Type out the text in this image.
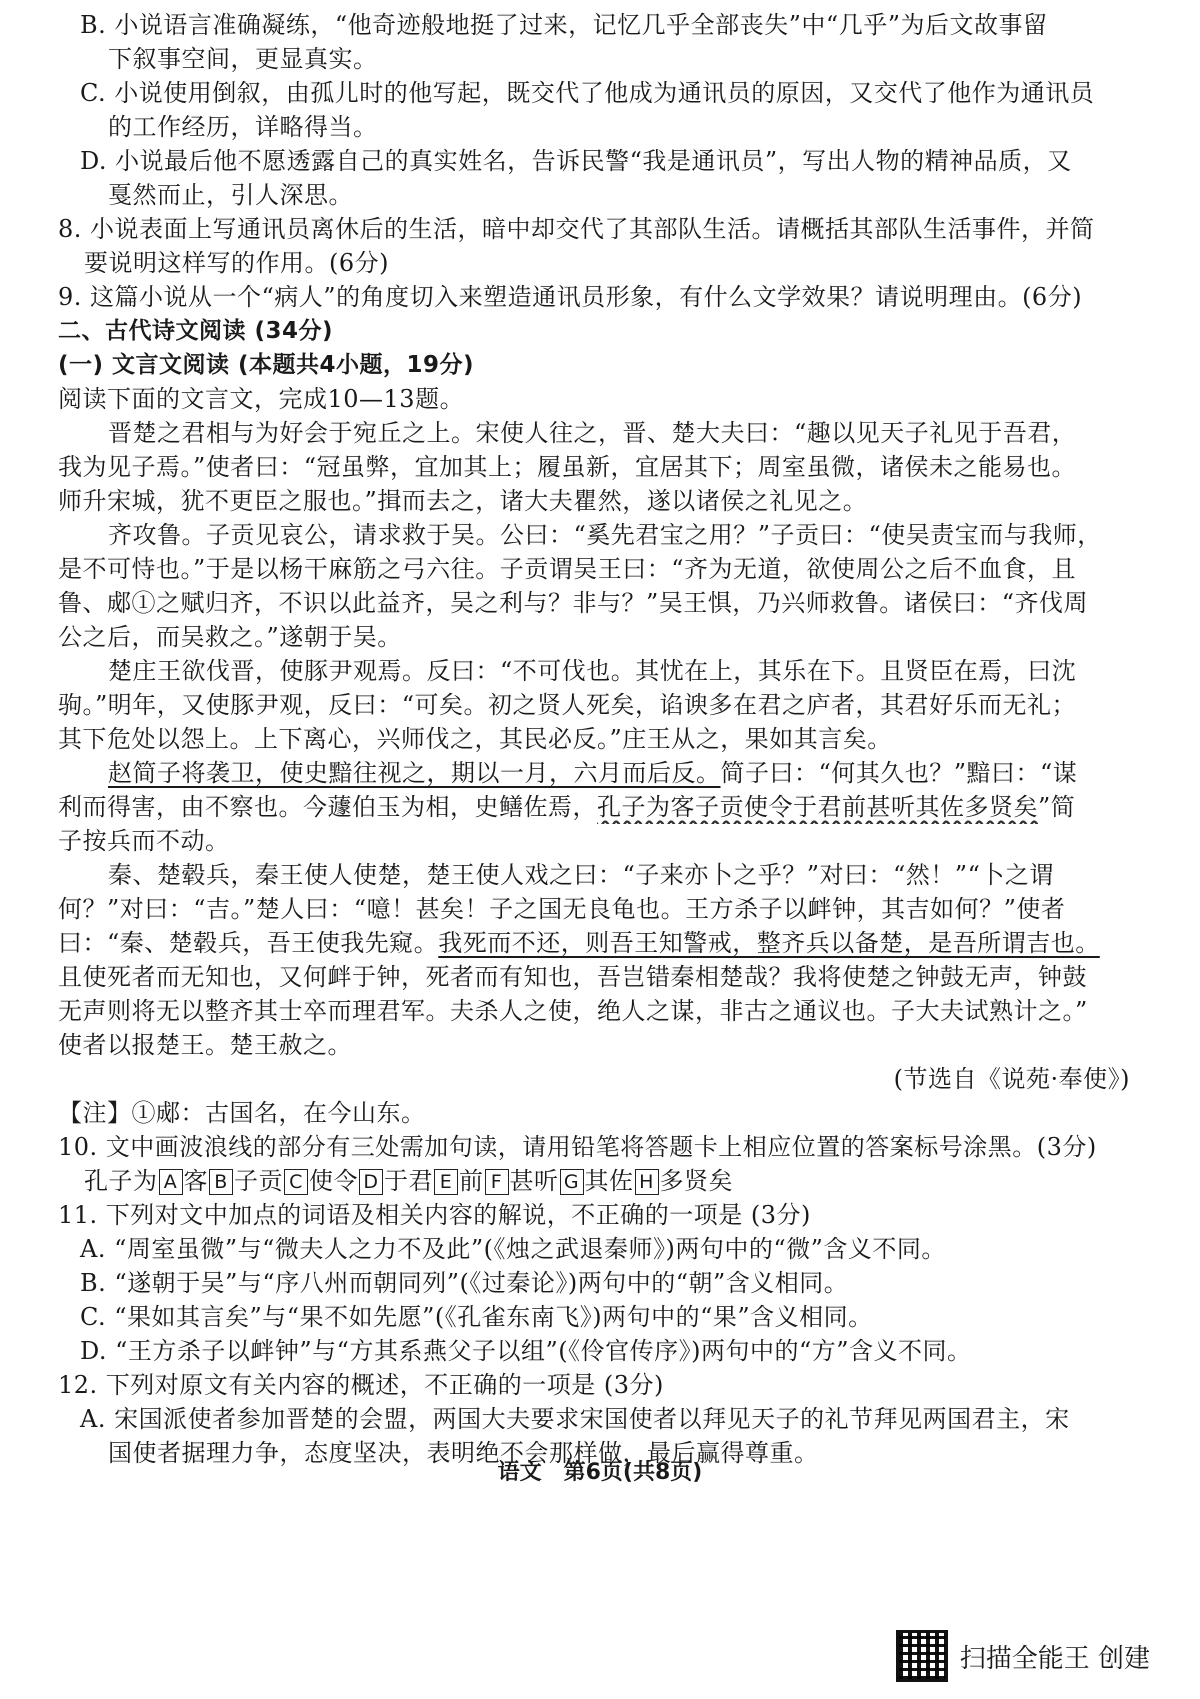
B. 小说语言准确凝练，“他奇迹般地挺了过来，记忆几乎全部丧失”中“几乎”为后文故事留
下叙事空间，更显真实。
C. 小说使用倒叙，由孤儿时的他写起，既交代了他成为通讯员的原因，又交代了他作为通讯员
的工作经历，详略得当。
D. 小说最后他不愿透露自己的真实姓名，告诉民警“我是通讯员”，写出人物的精神品质，又
戛然而止，引人深思。
8. 小说表面上写通讯员离休后的生活，暗中却交代了其部队生活。请概括其部队生活事件，并简
要说明这样写的作用。(6分)
9. 这篇小说从一个“病人”的角度切入来塑造通讯员形象，有什么文学效果？请说明理由。(6分)
二、古代诗文阅读 (34分)
(一) 文言文阅读 (本题共4小题，19分)
阅读下面的文言文，完成10—13题。
晋楚之君相与为好会于宛丘之上。宋使人往之，晋、楚大夫曰：“趣以见天子礼见于吾君，
我为见子焉。”使者曰：“冠虽弊，宜加其上；履虽新，宜居其下；周室虽微，诸侯未之能易也。
师升宋城，犹不更臣之服也。”揖而去之，诸大夫瞿然，遂以诸侯之礼见之。
齐攻鲁。子贡见哀公，请求救于吴。公曰：“奚先君宝之用？”子贡曰：“使吴责宝而与我师，
是不可恃也。”于是以杨干麻筋之弓六往。子贡谓吴王曰：“齐为无道，欲使周公之后不血食，且
鲁、郕①之赋归齐，不识以此益齐，吴之利与？非与？”吴王惧，乃兴师救鲁。诸侯曰：“齐伐周
公之后，而吴救之。”遂朝于吴。
楚庄王欲伐晋，使豚尹观焉。反曰：“不可伐也。其忧在上，其乐在下。且贤臣在焉，曰沈
驹。”明年，又使豚尹观，反曰：“可矣。初之贤人死矣，谄谀多在君之庐者，其君好乐而无礼；
其下危处以怨上。上下离心，兴师伐之，其民必反。”庄王从之，果如其言矣。
赵简子将袭卫，使史黯往视之，期以一月，六月而后反。简子曰：“何其久也？”黯曰：“谋
利而得害，由不察也。今蘧伯玉为相，史鳝佐焉，孔子为客子贡使令于君前甚听其佐多贤矣”简
子按兵而不动。
秦、楚毂兵，秦王使人使楚，楚王使人戏之曰：“子来亦卜之乎？”对曰：“然！”“卜之谓
何？”对曰：“吉。”楚人曰：“噫！甚矣！子之国无良龟也。王方杀子以衅钟，其吉如何？”使者
曰：“秦、楚毂兵，吾王使我先窥。我死而不还，则吾王知警戒，整齐兵以备楚，是吾所谓吉也。
且使死者而无知也，又何衅于钟，死者而有知也，吾岂错秦相楚哉？我将使楚之钟鼓无声，钟鼓
无声则将无以整齐其士卒而理君军。夫杀人之使，绝人之谋，非古之通议也。子大夫试熟计之。”
使者以报楚王。楚王赦之。
(节选自《说苑·奉使》)
【注】①郕：古国名，在今山东。
10. 文中画波浪线的部分有三处需加句读，请用铅笔将答题卡上相应位置的答案标号涂黑。(3分)
孔子为 A 客 B 子贡 C 使令 D 于君 E 前 F 甚听 G 其佐 H 多贤矣
11. 下列对文中加点的词语及相关内容的解说，不正确的一项是 (3分)
A. “周室虽微”与“微夫人之力不及此”(《烛之武退秦师》)两句中的“微”含义不同。
B. “遂朝于吴”与“序八州而朝同列”(《过秦论》)两句中的“朝”含义相同。
C. “果如其言矣”与“果不如先愿”(《孔雀东南飞》)两句中的“果”含义相同。
D. “王方杀子以衅钟”与“方其系燕父子以组”(《伶官传序》)两句中的“方”含义不同。
12. 下列对原文有关内容的概述，不正确的一项是 (3分)
A. 宋国派使者参加晋楚的会盟，两国大夫要求宋国使者以拜见天子的礼节拜见两国君主，宋
国使者据理力争，态度坚决，表明绝不会那样做，最后赢得尊重。
语文　第6页(共8页)
扫描全能王 创建
